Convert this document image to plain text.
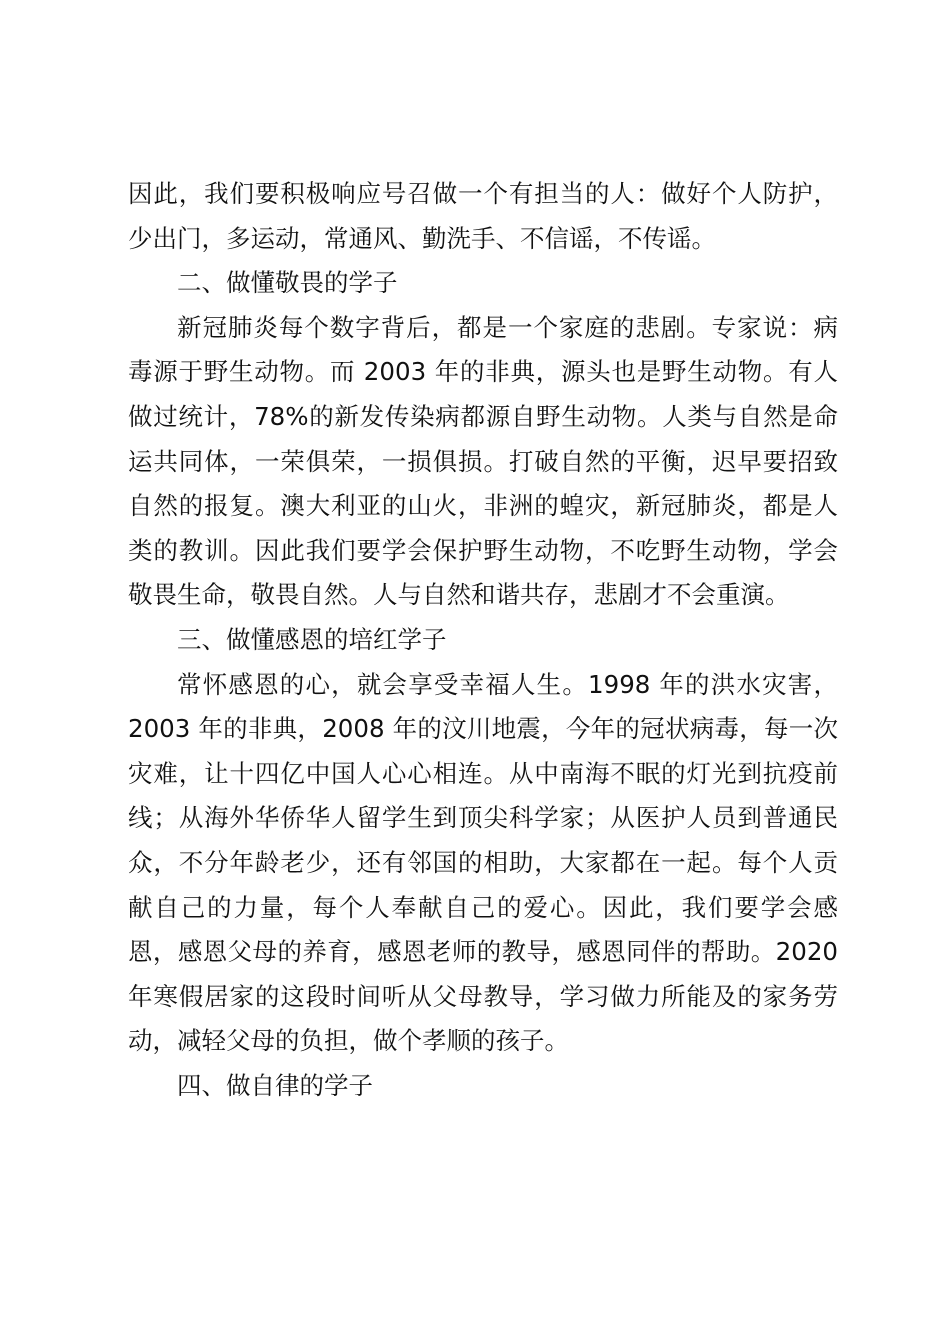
因此，我们要积极响应号召做一个有担当的人：做好个人防护，少出门，多运动，常通风、勤洗手、不信谣，不传谣。

二、做懂敬畏的学子

新冠肺炎每个数字背后，都是一个家庭的悲剧。专家说：病毒源于野生动物。而 2003 年的非典，源头也是野生动物。有人做过统计，78%的新发传染病都源自野生动物。人类与自然是命运共同体，一荣俱荣，一损俱损。打破自然的平衡，迟早要招致自然的报复。澳大利亚的山火，非洲的蝗灾，新冠肺炎，都是人类的教训。因此我们要学会保护野生动物，不吃野生动物，学会敬畏生命，敬畏自然。人与自然和谐共存，悲剧才不会重演。

三、做懂感恩的培红学子

常怀感恩的心，就会享受幸福人生。1998 年的洪水灾害，2003 年的非典，2008 年的汶川地震，今年的冠状病毒，每一次灾难，让十四亿中国人心心相连。从中南海不眠的灯光到抗疫前线；从海外华侨华人留学生到顶尖科学家；从医护人员到普通民众，不分年龄老少，还有邻国的相助，大家都在一起。每个人贡献自己的力量，每个人奉献自己的爱心。因此，我们要学会感恩，感恩父母的养育，感恩老师的教导，感恩同伴的帮助。2020 年寒假居家的这段时间听从父母教导，学习做力所能及的家务劳动，减轻父母的负担，做个孝顺的孩子。

四、做自律的学子
